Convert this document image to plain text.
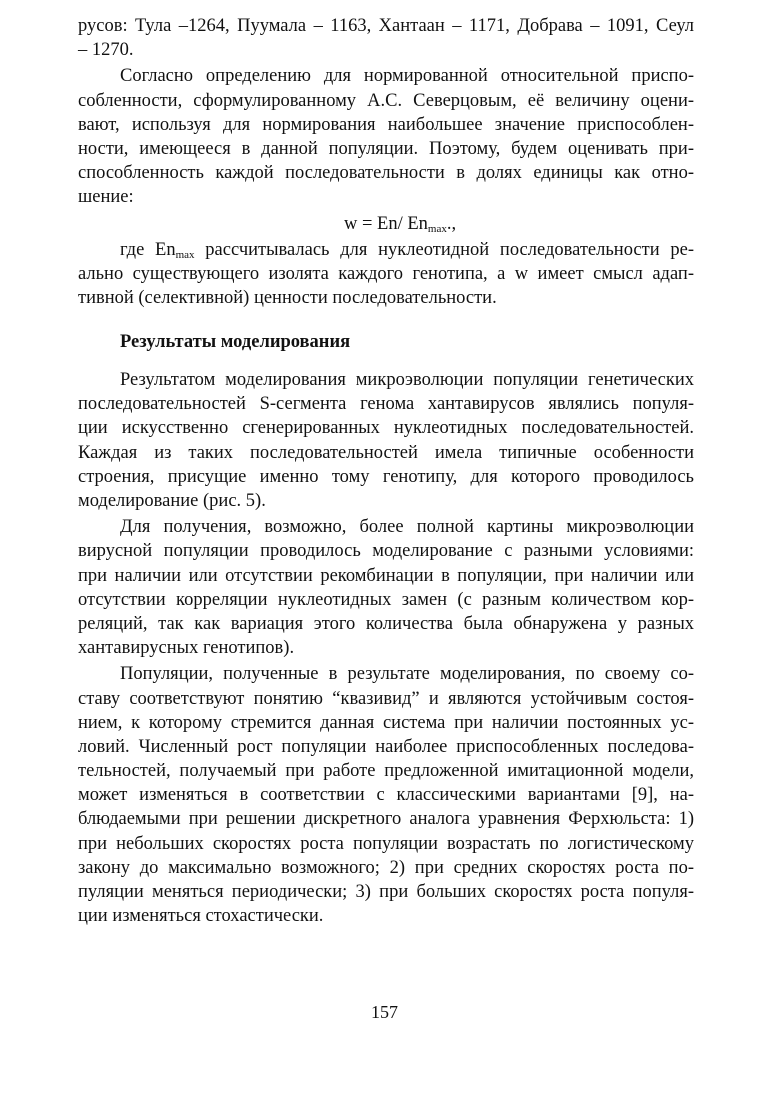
русов: Тула –1264, Пуумала – 1163, Хантаан – 1171, Добрава – 1091, Сеул
– 1270.
Согласно определению для нормированной относительной приспо-
собленности, сформулированному А.С. Северцовым, её величину оцени-
вают, используя для нормирования наибольшее значение приспособлен-
ности, имеющееся в данной популяции. Поэтому, будем оценивать при-
способленность каждой последовательности в долях единицы как отно-
шение:
w = En/ $En_{max}$.,
где $En_{max}$ рассчитывалась для нуклеотидной последовательности ре-
ально существующего изолята каждого генотипа, а w имеет смысл адап-
тивной (селективной) ценности последовательности.
Результаты моделирования
Результатом моделирования микроэволюции популяции генетических
последовательностей S-сегмента генома хантавирусов являлись популя-
ции искусственно сгенерированных нуклеотидных последовательностей.
Каждая из таких последовательностей имела типичные особенности
строения, присущие именно тому генотипу, для которого проводилось
моделирование (рис. 5).
Для получения, возможно, более полной картины микроэволюции
вирусной популяции проводилось моделирование с разными условиями:
при наличии или отсутствии рекомбинации в популяции, при наличии или
отсутствии корреляции нуклеотидных замен (с разным количеством кор-
реляций, так как вариация этого количества была обнаружена у разных
хантавирусных генотипов).
Популяции, полученные в результате моделирования, по своему со-
ставу соответствуют понятию “квазивид” и являются устойчивым состоя-
нием, к которому стремится данная система при наличии постоянных ус-
ловий. Численный рост популяции наиболее приспособленных последова-
тельностей, получаемый при работе предложенной имитационной модели,
может изменяться в соответствии с классическими вариантами [9], на-
блюдаемыми при решении дискретного аналога уравнения Ферхюльста: 1)
при небольших скоростях роста популяции возрастать по логистическому
закону до максимально возможного; 2) при средних скоростях роста по-
пуляции меняться периодически; 3) при больших скоростях роста популя-
ции изменяться стохастически.
157
